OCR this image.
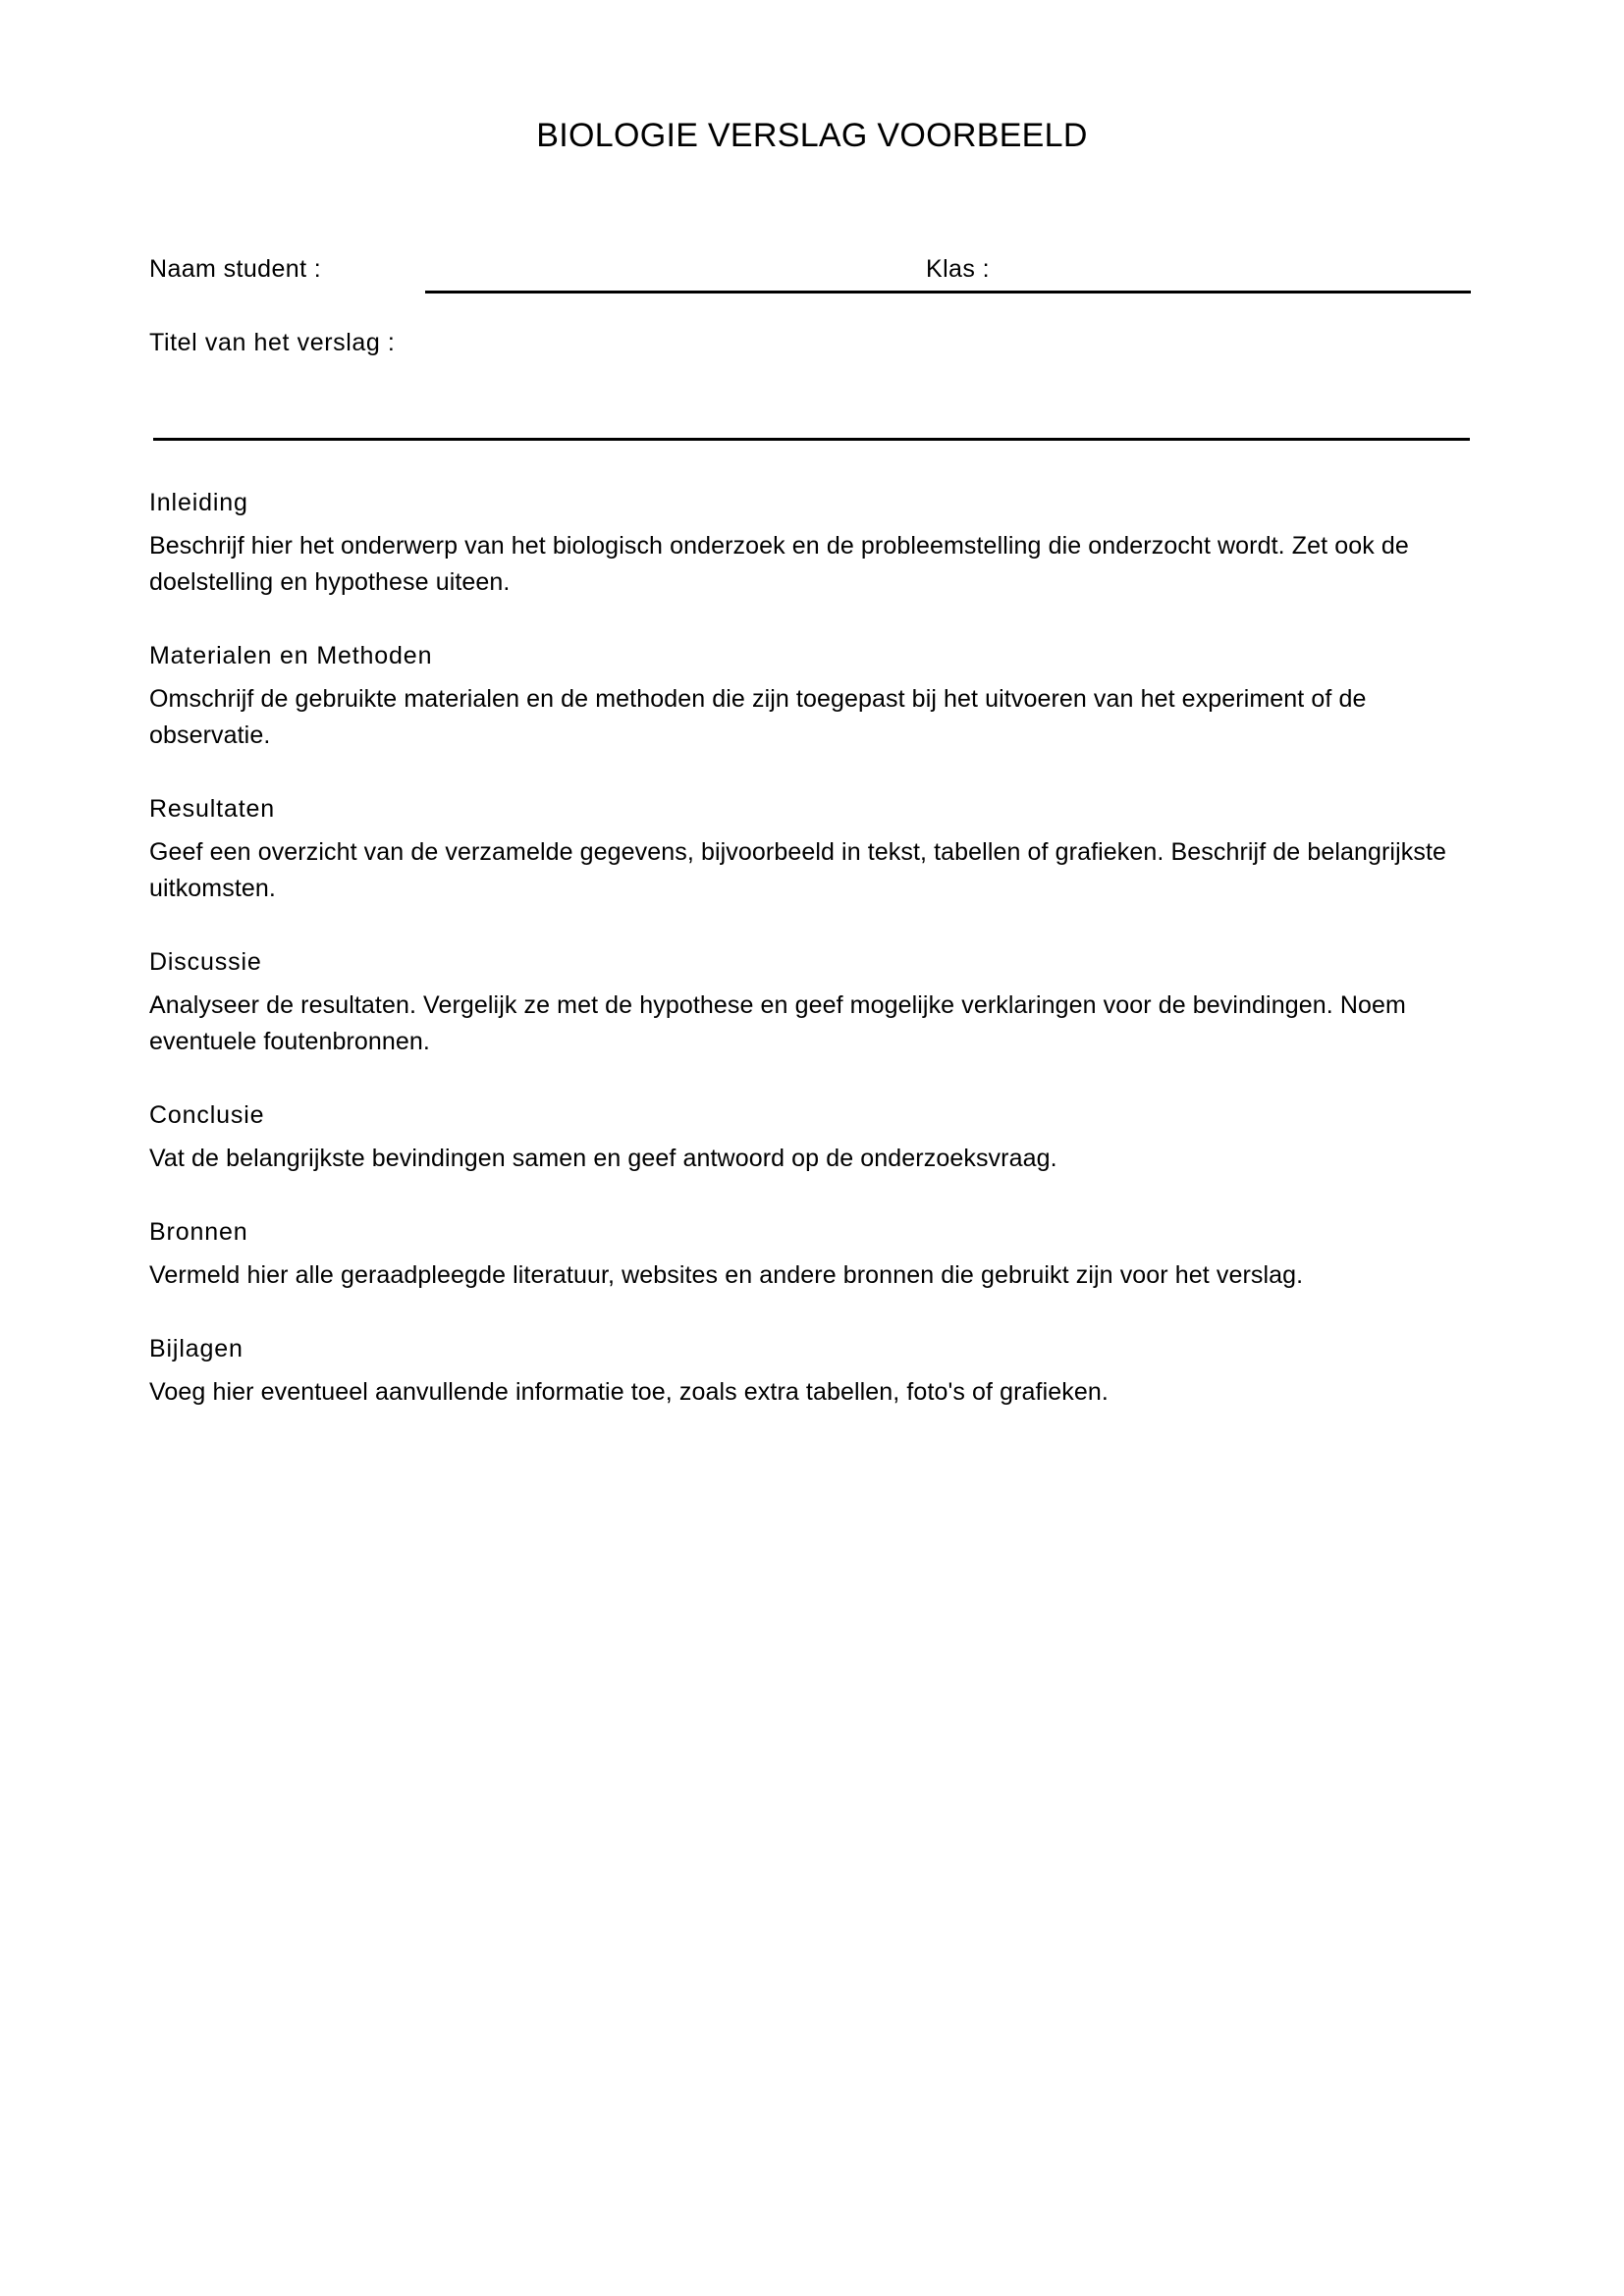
BIOLOGIE VERSLAG VOORBEELD
Naam student :	Klas :
Titel van het verslag :

Inleiding

Beschrijf hier het onderwerp van het biologisch onderzoek en de probleemstelling die onderzocht wordt. Zet ook de doelstelling en hypothese uiteen.

Materialen en Methoden

Omschrijf de gebruikte materialen en de methoden die zijn toegepast bij het uitvoeren van het experiment of de observatie.

Resultaten

Geef een overzicht van de verzamelde gegevens, bijvoorbeeld in tekst, tabellen of grafieken. Beschrijf de belangrijkste uitkomsten.

Discussie

Analyseer de resultaten. Vergelijk ze met de hypothese en geef mogelijke verklaringen voor de bevindingen. Noem eventuele foutenbronnen.

Conclusie

Vat de belangrijkste bevindingen samen en geef antwoord op de onderzoeksvraag.

Bronnen

Vermeld hier alle geraadpleegde literatuur, websites en andere bronnen die gebruikt zijn voor het verslag.

Bijlagen

Voeg hier eventueel aanvullende informatie toe, zoals extra tabellen, foto's of grafieken.
